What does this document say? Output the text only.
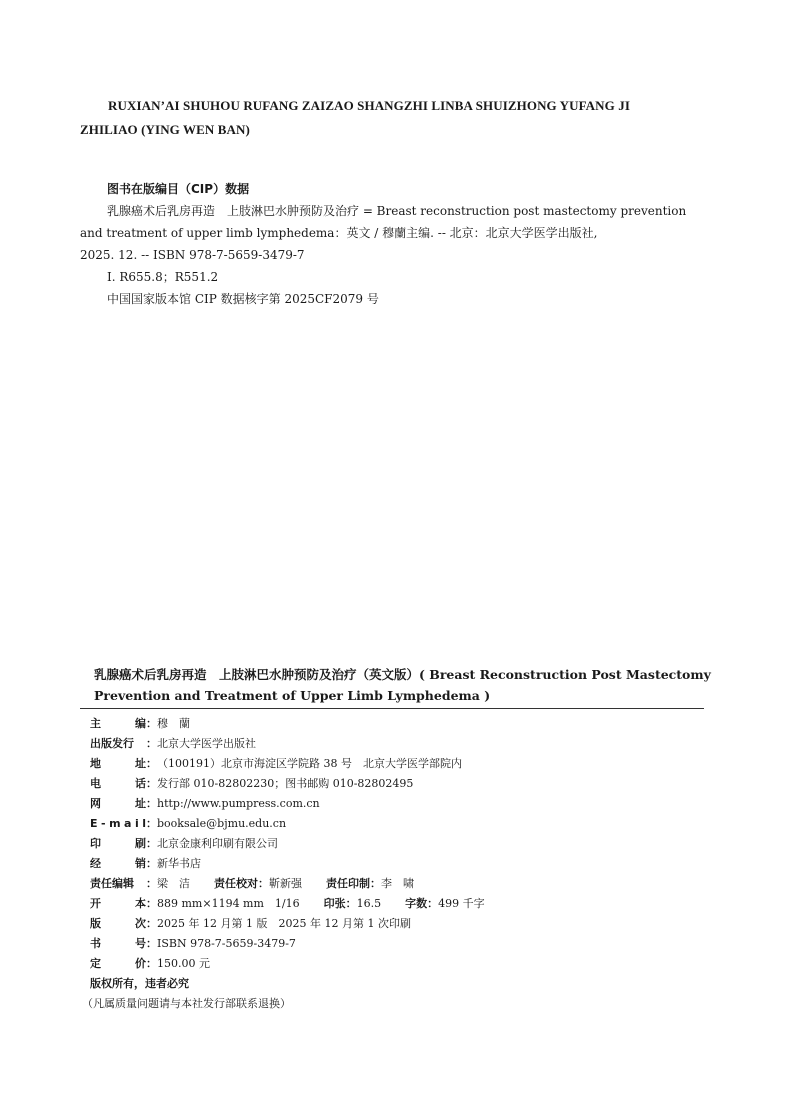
RUXIAN’AI SHUHOU RUFANG ZAIZAO SHANGZHI LINBA SHUIZHONG YUFANG JI
ZHILIAO (YING WEN BAN)
图书在版编目（CIP）数据
乳腺癌术后乳房再造　上肢淋巴水肿预防及治疗 = Breast reconstruction post mastectomy prevention
and treatment of upper limb lymphedema：英文 / 穆蘭主编. -- 北京：北京大学医学出版社,
2025. 12. -- ISBN 978-7-5659-3479-7
Ⅰ. R655.8；R551.2
中国国家版本馆 CIP 数据核字第 2025CF2079 号
乳腺癌术后乳房再造　上肢淋巴水肿预防及治疗（英文版）( Breast Reconstruction Post Mastectomy
Prevention and Treatment of Upper Limb Lymphedema )
主	编 ： 穆　蘭
出版发行 ： 北京大学医学出版社
地	址 ： （100191）北京市海淀区学院路 38 号　北京大学医学部院内
电	话 ： 发行部 010-82802230；图书邮购 010-82802495
网	址 ： http://www.pumpress.com.cn
E - m a i l ： booksale@bjmu.edu.cn
印	刷 ： 北京金康利印刷有限公司
经	销 ： 新华书店
责任编辑 ： 梁　洁 责任校对 ： 靳新强 责任印制 ： 李　啸
开	本 ： 889 mm×1194 mm　1/16 印张 ： 16.5 字数 ： 499 千字
版	次 ： 2025 年 12 月第 1 版　2025 年 12 月第 1 次印刷
书	号 ： ISBN 978-7-5659-3479-7
定	价 ： 150.00 元
版权所有，违者必究
（凡属质量问题请与本社发行部联系退换）
